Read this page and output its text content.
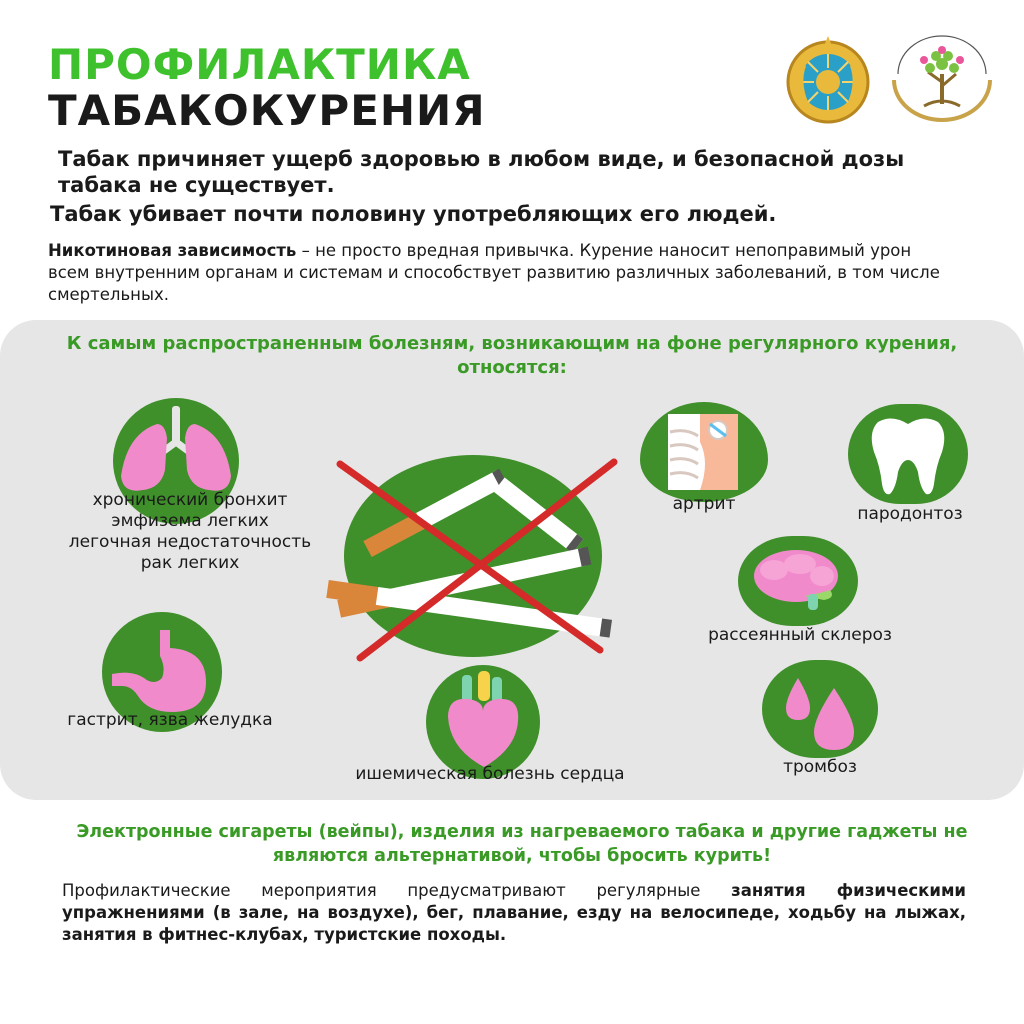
ПРОФИЛАКТИКА
ТАБАКОКУРЕНИЯ
Табак причиняет ущерб здоровью в любом виде, и безопасной дозы табака не существует.
Табак убивает почти половину употребляющих его людей.
Никотиновая зависимость – не просто вредная привычка. Курение наносит непоправимый урон всем внутренним органам и системам и способствует развитию различных заболеваний, в том числе смертельных.
К самым распространенным болезням, возникающим на фоне регулярного курения, относятся:
хронический бронхит
эмфизема легких
легочная недостаточность
рак легких
гастрит, язва желудка
ишемическая болезнь сердца
артрит	пародонтоз
рассеянный склероз
тромбоз
Электронные сигареты (вейпы), изделия из нагреваемого табака и другие гаджеты не являются альтернативой, чтобы бросить курить!
Профилактические мероприятия предусматривают регулярные занятия физическими упражнениями (в зале, на воздухе), бег, плавание, езду на велосипеде, ходьбу на лыжах, занятия в фитнес-клубах, туристские походы.
